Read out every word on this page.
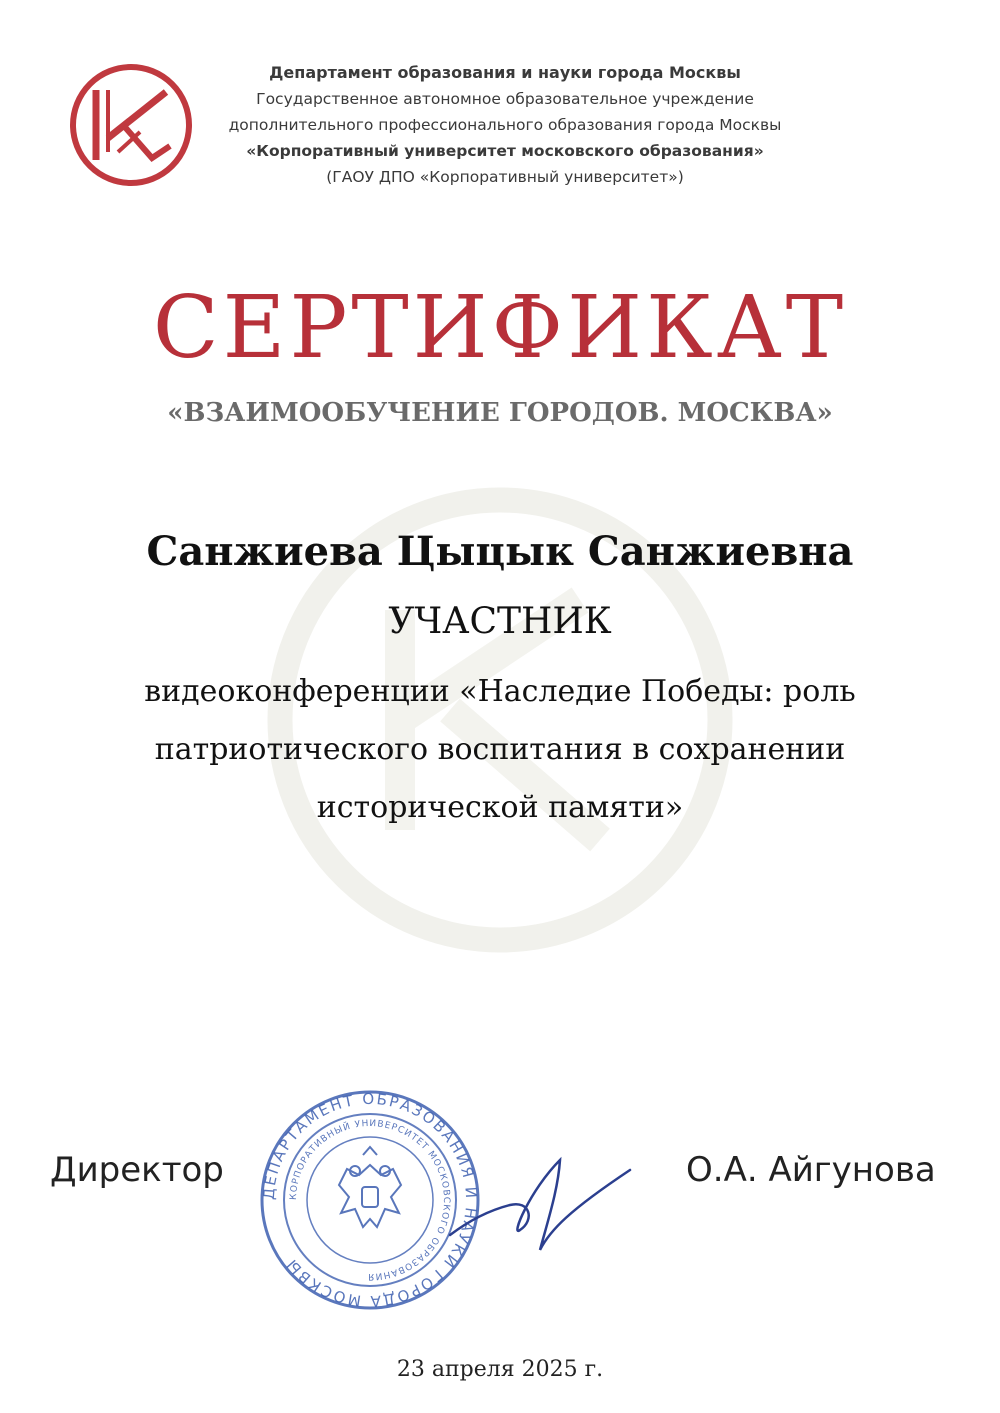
Департамент образования и науки города Москвы
Государственное автономное образовательное учреждение
дополнительного профессионального образования города Москвы
«Корпоративный университет московского образования»
(ГАОУ ДПО «Корпоративный университет»)
СЕРТИФИКАТ
«ВЗАИМООБУЧЕНИЕ ГОРОДОВ. МОСКВА»
Санжиева Цыцык Санжиевна
УЧАСТНИК
видеоконференции «Наследие Победы: роль
патриотического воспитания в сохранении
исторической памяти»
Директор	О.А. Айгунова
ДЕПАРТАМЕНТ ОБРАЗОВАНИЯ И НАУКИ ГОРОДА МОСКВЫ
КОРПОРАТИВНЫЙ УНИВЕРСИТЕТ МОСКОВСКОГО ОБРАЗОВАНИЯ
23 апреля 2025 г.
